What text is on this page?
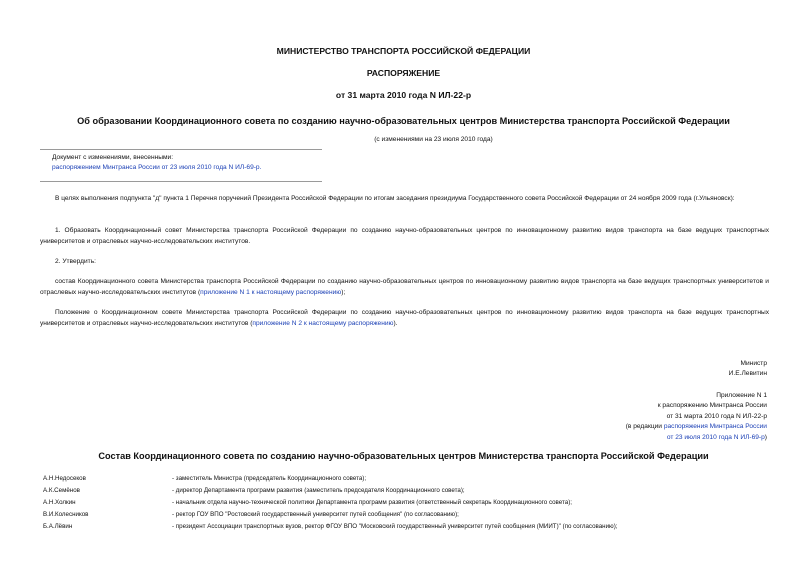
МИНИСТЕРСТВО ТРАНСПОРТА РОССИЙСКОЙ ФЕДЕРАЦИИ
РАСПОРЯЖЕНИЕ
от 31 марта 2010 года N ИЛ-22-р
Об образовании Координационного совета по созданию научно-образовательных центров Министерства транспорта Российской Федерации
(с изменениями на 23 июля 2010 года)
Документ с изменениями, внесенными:
распоряжением Минтранса России от 23 июля 2010 года N ИЛ-69-р.
В целях выполнения подпункта "д" пункта 1 Перечня поручений Президента Российской Федерации по итогам заседания президиума Государственного совета Российской Федерации от 24 ноября 2009 года (г.Ульяновск):
1. Образовать Координационный совет Министерства транспорта Российской Федерации по созданию научно-образовательных центров по инновационному развитию видов транспорта на базе ведущих транспортных университетов и отраслевых научно-исследовательских институтов.
2. Утвердить:
состав Координационного совета Министерства транспорта Российской Федерации по созданию научно-образовательных центров по инновационному развитию видов транспорта на базе ведущих транспортных университетов и отраслевых научно-исследовательских институтов (приложение N 1 к настоящему распоряжению);
Положение о Координационном совете Министерства транспорта Российской Федерации по созданию научно-образовательных центров по инновационному развитию видов транспорта на базе ведущих транспортных университетов и отраслевых научно-исследовательских институтов (приложение N 2 к настоящему распоряжению).
Министр
И.Е.Левитин
Приложение N 1
к распоряжению Минтранса России
от 31 марта 2010 года N ИЛ-22-р
(в редакции распоряжения Минтранса России
от 23 июля 2010 года N ИЛ-69-р)
Состав Координационного совета по созданию научно-образовательных центров Министерства транспорта Российской Федерации
А.Н.Недосеков	- заместитель Министра (председатель Координационного совета);
А.К.Семёнов	- директор Департамента программ развития (заместитель председателя Координационного совета);
А.Н.Холкин	- начальник отдела научно-технической политики Департамента программ развития (ответственный секретарь Координационного совета);
В.И.Колесников	- ректор ГОУ ВПО "Ростовский государственный университет путей сообщения" (по согласованию);
Б.А.Лёвин	- президент Ассоциации транспортных вузов, ректор ФГОУ ВПО "Московский государственный университет путей сообщения (МИИТ)" (по согласованию);
